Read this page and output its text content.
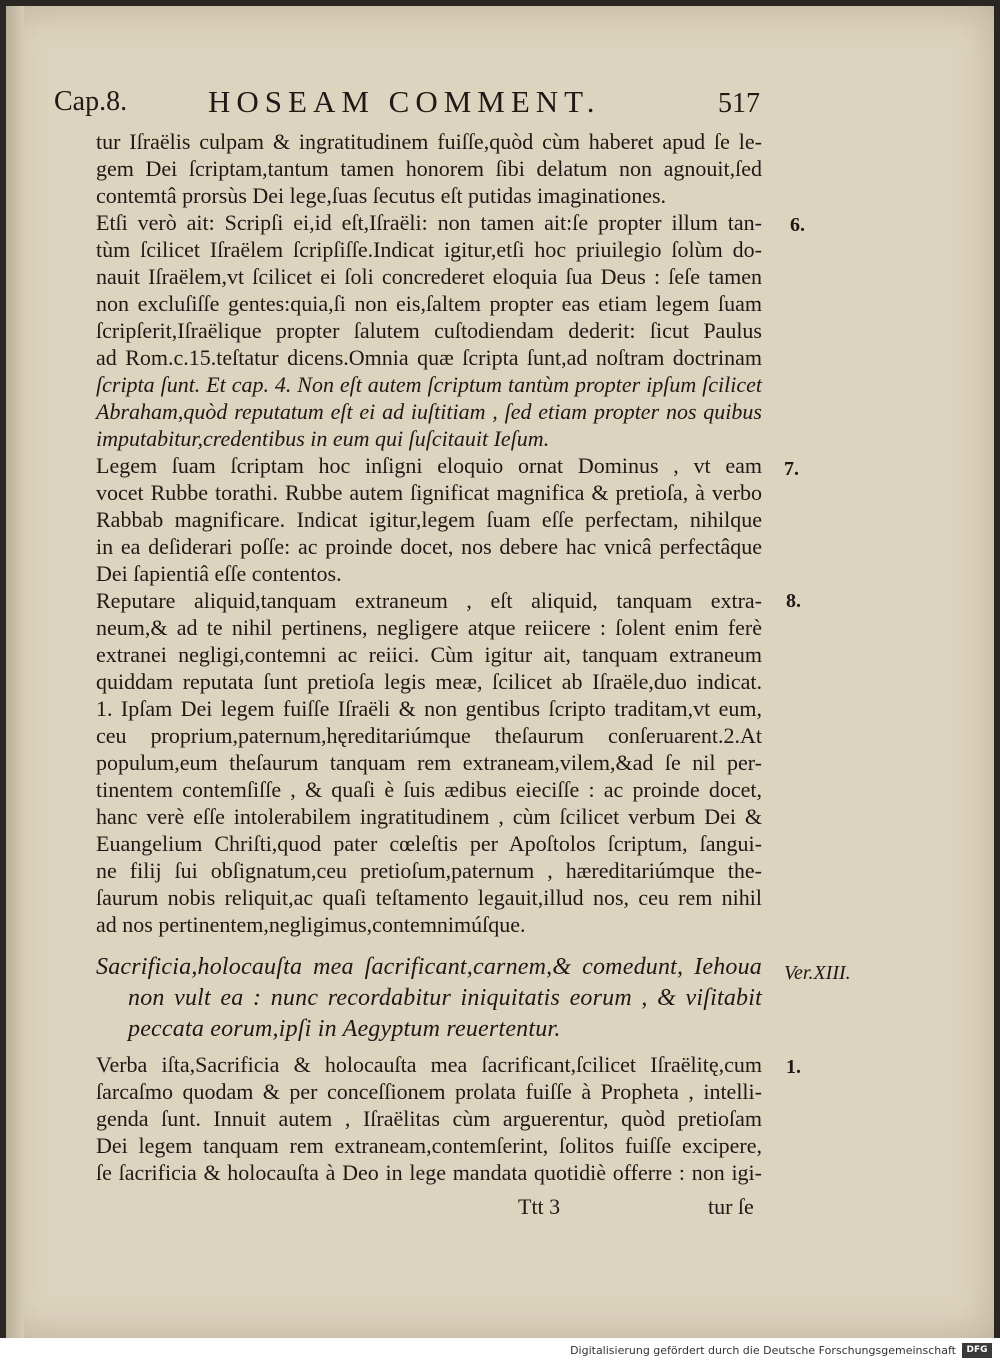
Cap.8.	HOSEAM COMMENT.	517
tur Iſraëlis culpam & ingratitudinem fuiſſe,quòd cùm haberet apud ſe le-
gem Dei ſcriptam,tantum tamen honorem ſibi delatum non agnouit,ſed
contemtâ prorsùs Dei lege,ſuas ſecutus eſt putidas imaginationes.
Etſi verò ait: Scripſi ei,id eſt,Iſraëli: non tamen ait:ſe propter illum tan-
tùm ſcilicet Iſraëlem ſcripſiſſe.Indicat igitur,etſi hoc priuilegio ſolùm do-
nauit Iſraëlem,vt ſcilicet ei ſoli concrederet eloquia ſua Deus : ſeſe tamen
non excluſiſſe gentes:quia,ſi non eis,ſaltem propter eas etiam legem ſuam
ſcripſerit,Iſraëlique propter ſalutem cuſtodiendam dederit: ſicut Paulus
ad Rom.c.15.teſtatur dicens.Omnia quæ ſcripta ſunt,ad noſtram doctrinam
ſcripta ſunt. Et cap. 4. Non eſt autem ſcriptum tantùm propter ipſum ſcilicet
Abraham,quòd reputatum eſt ei ad iuſtitiam , ſed etiam propter nos quibus
imputabitur,credentibus in eum qui ſuſcitauit Ieſum.
Legem ſuam ſcriptam hoc inſigni eloquio ornat Dominus , vt eam
vocet Rubbe torathi. Rubbe autem ſignificat magnifica & pretioſa, à verbo
Rabbab magnificare. Indicat igitur,legem ſuam eſſe perfectam, nihilque
in ea deſiderari poſſe: ac proinde docet, nos debere hac vnicâ perfectâque
Dei ſapientiâ eſſe contentos.
Reputare aliquid,tanquam extraneum , eſt aliquid, tanquam extra-
neum,& ad te nihil pertinens, negligere atque reiicere : ſolent enim ferè
extranei negligi,contemni ac reiici. Cùm igitur ait, tanquam extraneum
quiddam reputata ſunt pretioſa legis meæ, ſcilicet ab Iſraële,duo indicat.
1. Ipſam Dei legem fuiſſe Iſraëli & non gentibus ſcripto traditam,vt eum,
ceu proprium,paternum,hęreditariúmque theſaurum conſeruarent.2.At
populum,eum theſaurum tanquam rem extraneam,vilem,&ad ſe nil per-
tinentem contemſiſſe , & quaſi è ſuis ædibus eieciſſe : ac proinde docet,
hanc verè eſſe intolerabilem ingratitudinem , cùm ſcilicet verbum Dei &
Euangelium Chriſti,quod pater cœleſtis per Apoſtolos ſcriptum, ſangui-
ne filij ſui obſignatum,ceu pretioſum,paternum , hæreditariúmque the-
ſaurum nobis reliquit,ac quaſi teſtamento legauit,illud nos, ceu rem nihil
ad nos pertinentem,negligimus,contemnimúſque.
Sacrificia,holocauſta mea ſacrificant,carnem,& comedunt, Iehoua
non vult ea : nunc recordabitur iniquitatis eorum , & viſitabit
peccata eorum,ipſi in Aegyptum reuertentur.
Verba iſta,Sacrificia & holocauſta mea ſacrificant,ſcilicet Iſraëlitę,cum
ſarcaſmo quodam & per conceſſionem prolata fuiſſe à Propheta , intelli-
genda ſunt. Innuit autem , Iſraëlitas cùm arguerentur, quòd pretioſam
Dei legem tanquam rem extraneam,contemſerint, ſolitos fuiſſe excipere,
ſe ſacrificia & holocauſta à Deo in lege mandata quotidiè offerre : non igi-
6.
7.
8.
Ver.XIII.
1.
Ttt 3	tur ſe
Digitalisierung gefördert durch die Deutsche Forschungsgemeinschaft	DFG
